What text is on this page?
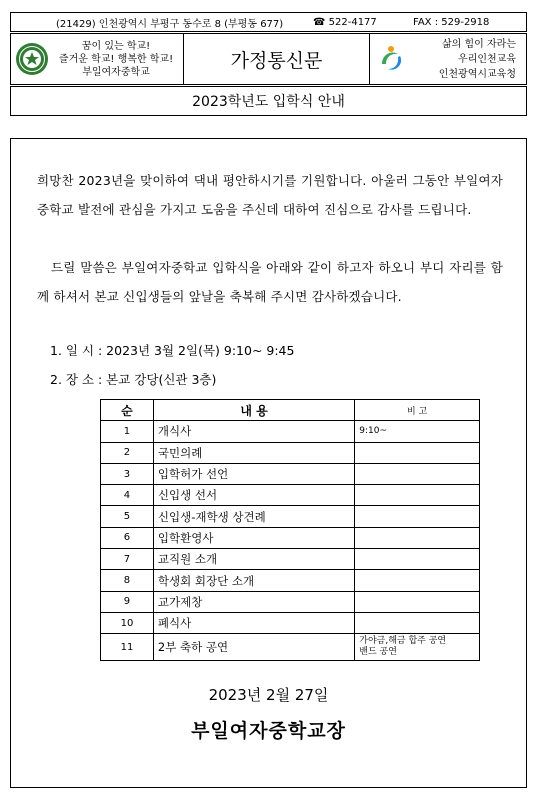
(21429) 인천광역시 부평구 동수로 8 (부평동 677)	☎ 522-4177	FAX : 529-2918
꿈이 있는 학교!
즐거운 학교! 행복한 학교!
부일여자중학교
가정통신문
삶의 힘이 자라는
우리인천교육
인천광역시교육청
2023학년도 입학식 안내

희망찬 2023년을 맞이하여 댁내 평안하시기를 기원합니다. 아울러 그동안 부일여자중학교 발전에 관심을 가지고 도움을 주신데 대하여 진심으로 감사를 드립니다.

드릴 말씀은 부일여자중학교 입학식을 아래와 같이 하고자 하오니 부디 자리를 함께 하셔서 본교 신입생들의 앞날을 축복해 주시면 감사하겠습니다.

1. 일 시 : 2023년 3월 2일(목) 9:10~ 9:45
2. 장 소 : 본교 강당(신관 3층)
순	내 용	비 고
1	개식사	9:10~
2	국민의례	
3	입학허가 선언	
4	신입생 선서	
5	신입생-재학생 상견례	
6	입학환영사	
7	교직원 소개	
8	학생회 회장단 소개	
9	교가제창	
10	폐식사	
11	2부 축하 공연	가야금,해금 합주 공연
밴드 공연
2023년 2월 27일
부일여자중학교장
